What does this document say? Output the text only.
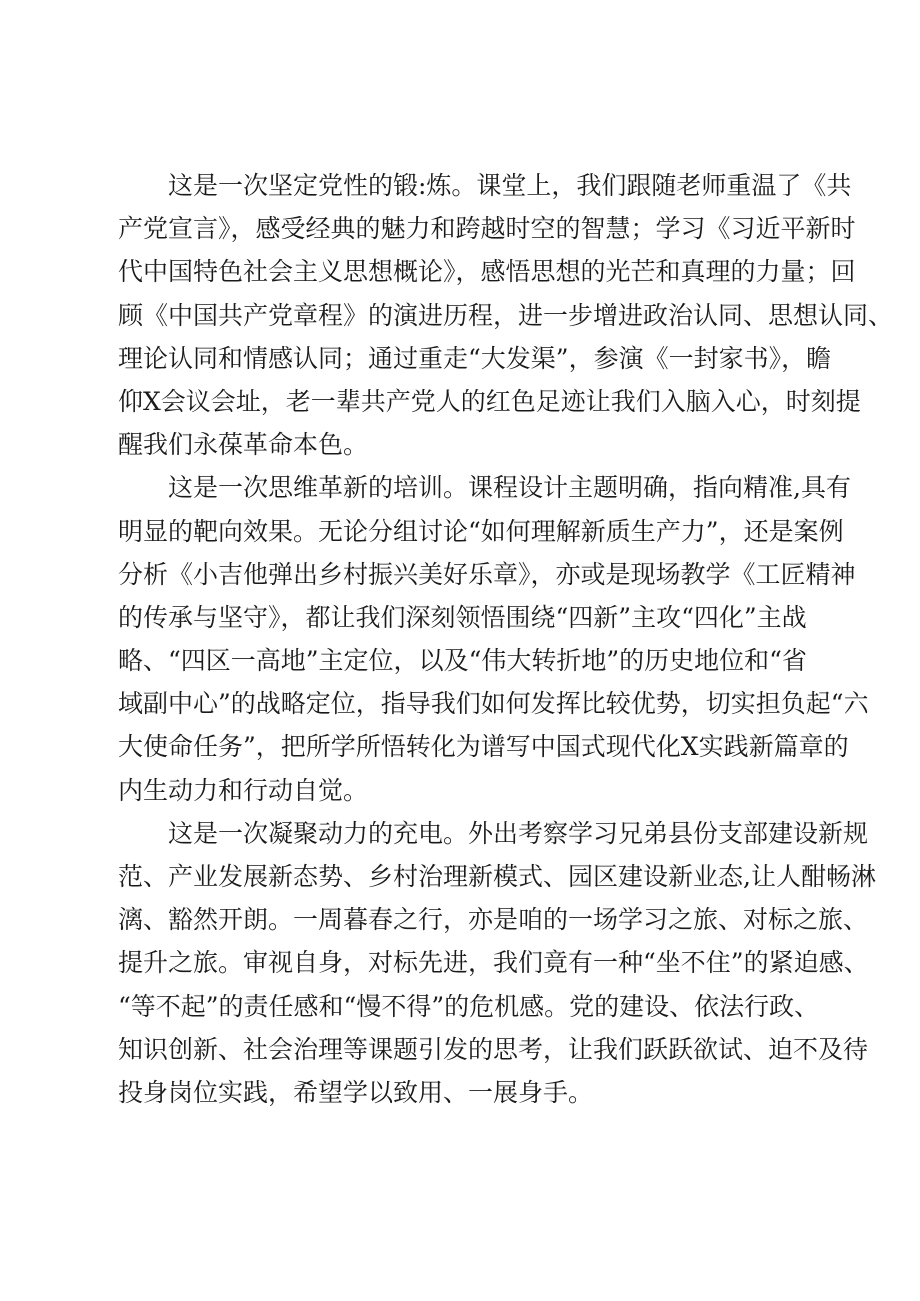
这是一次坚定党性的锻:炼。课堂上，我们跟随老师重温了《共
产党宣言》，感受经典的魅力和跨越时空的智慧；学习《习近平新时
代中国特色社会主义思想概论》，感悟思想的光芒和真理的力量；回
顾《中国共产党章程》的演进历程，进一步增进政治认同、思想认同、
理论认同和情感认同；通过重走“大发渠”，参演《一封家书》，瞻
仰X会议会址，老一辈共产党人的红色足迹让我们入脑入心，时刻提
醒我们永葆革命本色。

这是一次思维革新的培训。课程设计主题明确，指向精准,具有
明显的靶向效果。无论分组讨论“如何理解新质生产力”，还是案例
分析《小吉他弹出乡村振兴美好乐章》，亦或是现场教学《工匠精神
的传承与坚守》，都让我们深刻领悟围绕“四新”主攻“四化”主战
略、“四区一高地”主定位，以及“伟大转折地”的历史地位和“省
域副中心”的战略定位，指导我们如何发挥比较优势，切实担负起“六
大使命任务”，把所学所悟转化为谱写中国式现代化X实践新篇章的
内生动力和行动自觉。

这是一次凝聚动力的充电。外出考察学习兄弟县份支部建设新规
范、产业发展新态势、乡村治理新模式、园区建设新业态,让人酣畅淋
漓、豁然开朗。一周暮春之行，亦是咱的一场学习之旅、对标之旅、
提升之旅。审视自身，对标先进，我们竟有一种“坐不住”的紧迫感、
“等不起”的责任感和“慢不得”的危机感。党的建设、依法行政、
知识创新、社会治理等课题引发的思考，让我们跃跃欲试、迫不及待
投身岗位实践，希望学以致用、一展身手。
